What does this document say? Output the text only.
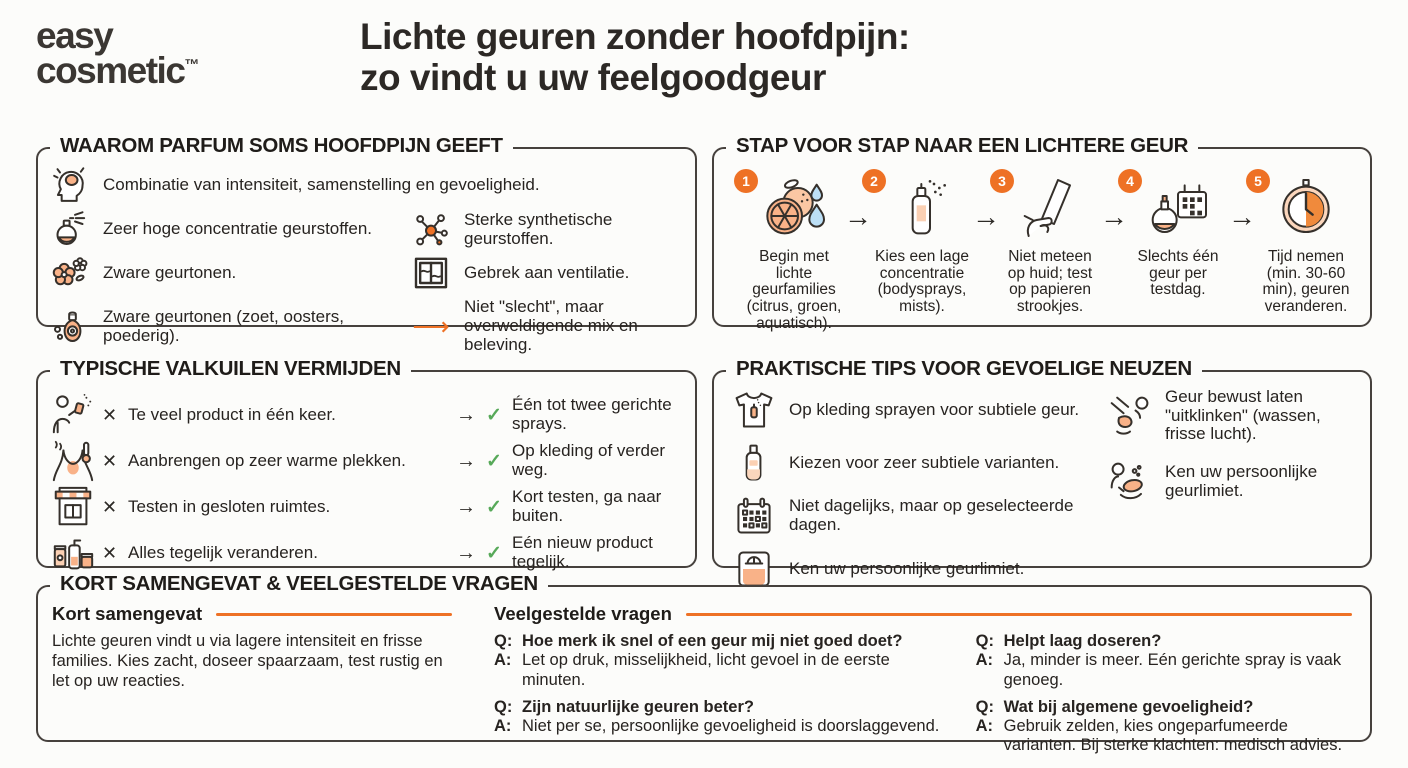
easy
cosmetic™
Lichte geuren zonder hoofdpijn:
zo vindt u uw feelgoodgeur
WAAROM PARFUM SOMS HOOFDPIJN GEEFT
Combinatie van intensiteit, samenstelling en gevoeligheid.
Zeer hoge concentratie geurstoffen.
Sterke synthetische geurstoffen.
Zware geurtonen.	Gebrek aan ventilatie.
Zware geurtonen (zoet, oosters, poederig).	⟶
Niet "slecht", maar overweldigende mix en beleving.
STAP VOOR STAP NAAR EEN LICHTERE GEUR
1
Begin met lichte geurfamilies (citrus, groen, aquatisch).
→
2
Kies een lage concentratie (bodysprays, mists).
→
3
Niet meteen op huid; test op papieren strookjes.
→
4
Slechts één geur per testdag.
→
5
Tijd nemen (min. 30-60 min), geuren veranderen.
TYPISCHE VALKUILEN VERMIJDEN
✕ Te veel product in één keer.	→ ✓ Één tot twee gerichte sprays.
✕ Aanbrengen op zeer warme plekken.	→ ✓ Op kleding of verder weg.
✕ Testen in gesloten ruimtes.	→ ✓ Kort testen, ga naar buiten.
✕ Alles tegelijk veranderen.	→ ✓ Eén nieuw product tegelijk.
PRAKTISCHE TIPS VOOR GEVOELIGE NEUZEN
Op kleding sprayen voor subtiele geur.
Kiezen voor zeer subtiele varianten.
Niet dagelijks, maar op geselecteerde dagen.
Ken uw persoonlijke geurlimiet.
Geur bewust laten "uitklinken" (wassen, frisse lucht).
Ken uw persoonlijke geurlimiet.
KORT SAMENGEVAT & VEELGESTELDE VRAGEN
Kort samengevat
Lichte geuren vindt u via lagere intensiteit en frisse families. Kies zacht, doseer spaarzaam, test rustig en let op uw reacties.
Veelgestelde vragen
Q: Hoe merk ik snel of een geur mij niet goed doet?
A: Let op druk, misselijkheid, licht gevoel in de eerste minuten.
Q: Zijn natuurlijke geuren beter?
A: Niet per se, persoonlijke gevoeligheid is doorslaggevend.
Q: Helpt laag doseren?
A: Ja, minder is meer. Eén gerichte spray is vaak genoeg.
Q: Wat bij algemene gevoeligheid?
A: Gebruik zelden, kies ongeparfumeerde varianten. Bij sterke klachten: medisch advies.
